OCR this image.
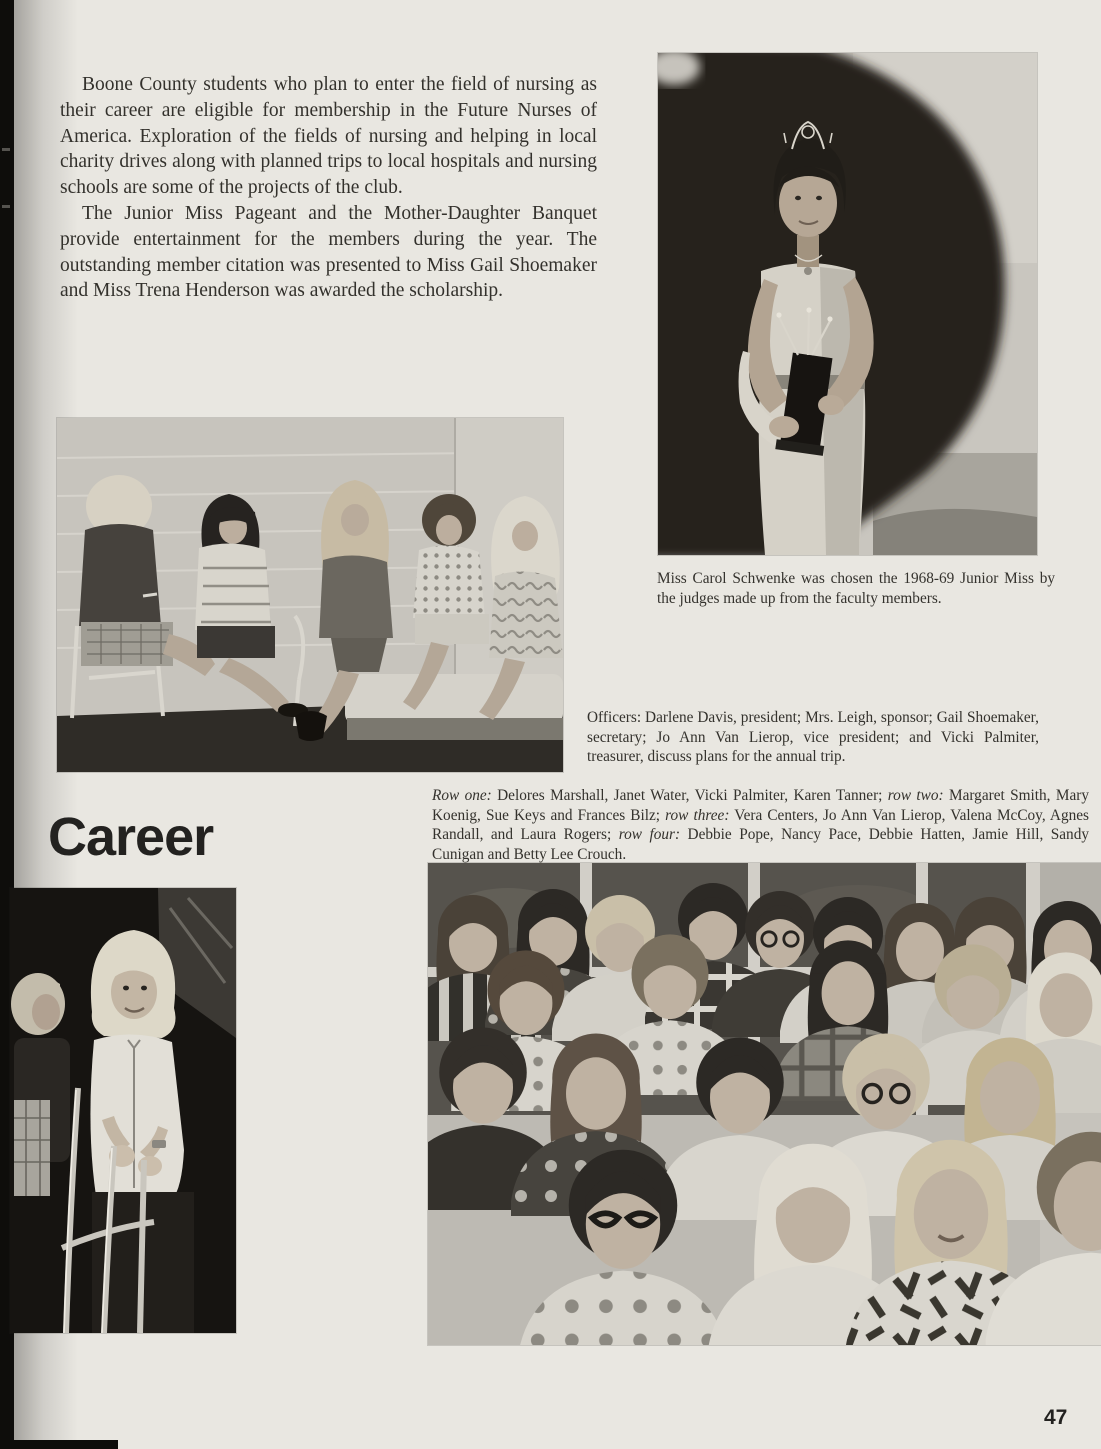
Boone County students who plan to enter the field of nursing as their career are eligible for membership in the Future Nurses of America. Exploration of the fields of nursing and helping in local charity drives along with planned trips to local hospitals and nursing schools are some of the projects of the club.

The Junior Miss Pageant and the Mother-Daughter Banquet provide entertainment for the members during the year. The outstanding member citation was presented to Miss Gail Shoemaker and Miss Trena Henderson was awarded the scholarship.

Miss Carol Schwenke was chosen the 1968-69 Junior Miss by the judges made up from the faculty members.
Officers: Darlene Davis, president; Mrs. Leigh, sponsor; Gail Shoemaker, secretary; Jo Ann Van Lierop, vice president; and Vicki Palmiter, treasurer, discuss plans for the annual trip.
Row one: Delores Marshall, Janet Water, Vicki Palmiter, Karen Tanner; row two: Margaret Smith, Mary Koenig, Sue Keys and Frances Bilz; row three: Vera Centers, Jo Ann Van Lierop, Valena McCoy, Agnes Randall, and Laura Rogers; row four: Debbie Pope, Nancy Pace, Debbie Hatten, Jamie Hill, Sandy Cunigan and Betty Lee Crouch.
Career
47
